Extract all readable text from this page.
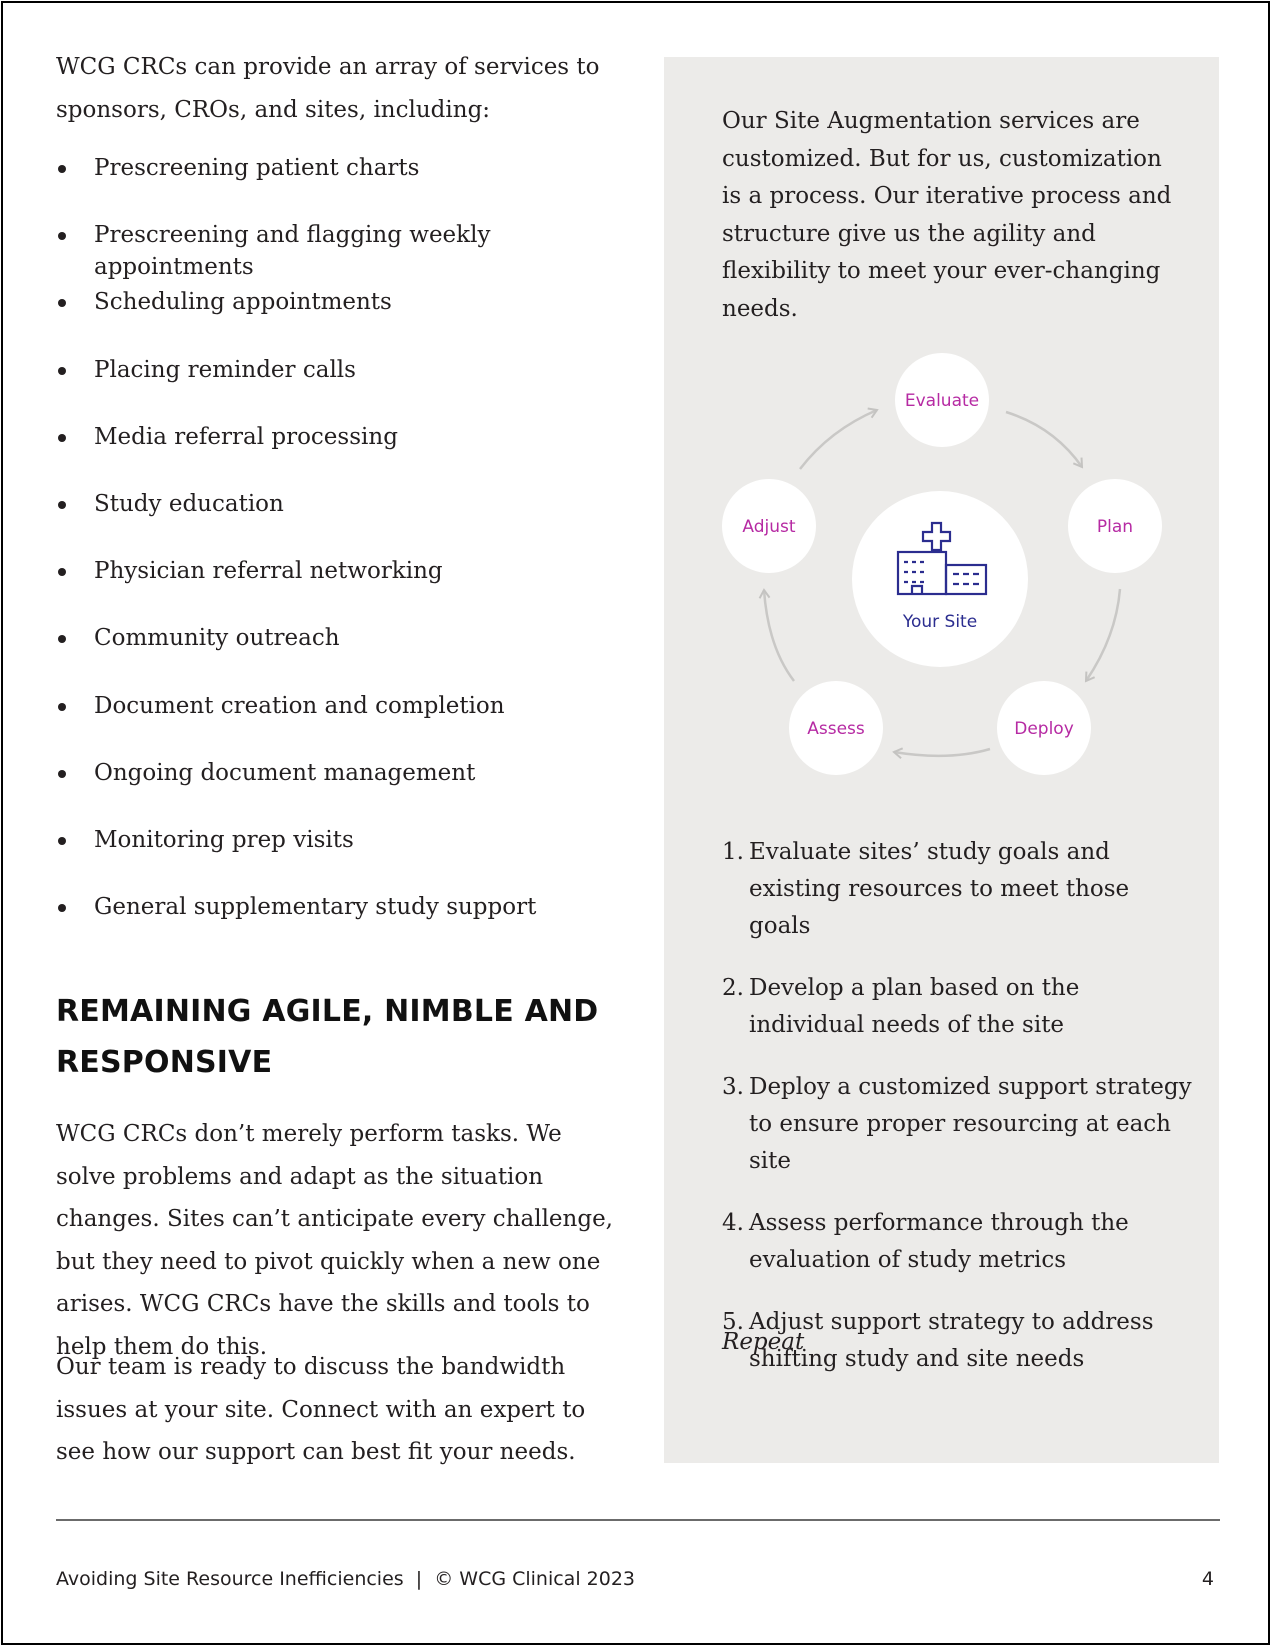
WCG CRCs can provide an array of services to sponsors, CROs, and sites, including:

Prescreening patient charts
Prescreening and flagging weekly appointments
Scheduling appointments
Placing reminder calls
Media referral processing
Study education
Physician referral networking
Community outreach
Document creation and completion
Ongoing document management
Monitoring prep visits
General supplementary study support
REMAINING AGILE, NIMBLE AND RESPONSIVE

WCG CRCs don’t merely perform tasks. We solve problems and adapt as the situation changes. Sites can’t anticipate every challenge, but they need to pivot quickly when a new one arises. WCG CRCs have the skills and tools to help them do this.

Our team is ready to discuss the bandwidth issues at your site. Connect with an expert to see how our support can best fit your needs.

Our Site Augmentation services are customized. But for us, customization is a process. Our iterative process and structure give us the agility and flexibility to meet your ever-changing needs.

Your Site
Evaluate
Plan
Deploy
Assess
Adjust
1. Evaluate sites’ study goals and existing resources to meet those goals
2. Develop a plan based on the individual needs of the site
3. Deploy a customized support strategy to ensure proper resourcing at each site
4. Assess performance through the evaluation of study metrics
5. Adjust support strategy to address shifting study and site needs

Repeat

Avoiding Site Resource Inefficiencies  |  © WCG Clinical 2023	4
